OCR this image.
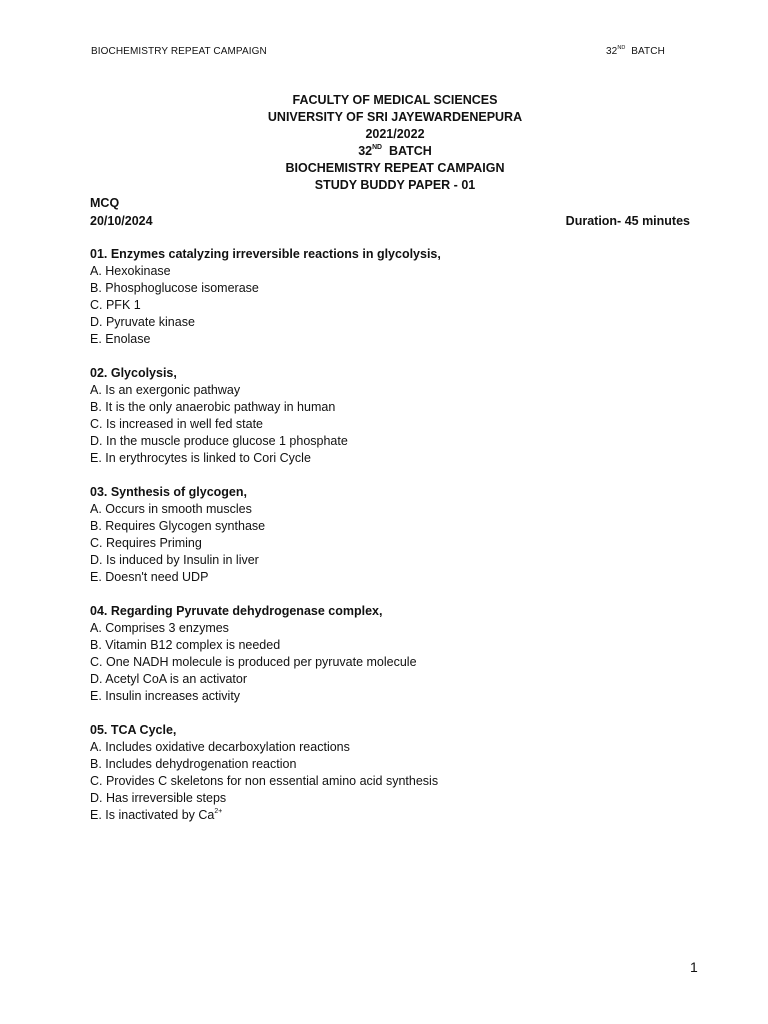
BIOCHEMISTRY REPEAT CAMPAIGN	32ND BATCH
FACULTY OF MEDICAL SCIENCES
UNIVERSITY OF SRI JAYEWARDENEPURA
2021/2022
32ND BATCH
BIOCHEMISTRY REPEAT CAMPAIGN
STUDY BUDDY PAPER - 01
MCQ
20/10/2024	Duration- 45 minutes
01. Enzymes catalyzing irreversible reactions in glycolysis,
A. Hexokinase
B. Phosphoglucose isomerase
C. PFK 1
D. Pyruvate kinase
E. Enolase
02. Glycolysis,
A. Is an exergonic pathway
B. It is the only anaerobic pathway in human
C. Is increased in well fed state
D. In the muscle produce glucose 1 phosphate
E. In erythrocytes is linked to Cori Cycle
03. Synthesis of glycogen,
A. Occurs in smooth muscles
B. Requires Glycogen synthase
C. Requires Priming
D. Is induced by Insulin in liver
E. Doesn't need UDP
04. Regarding Pyruvate dehydrogenase complex,
A. Comprises 3 enzymes
B. Vitamin B12 complex is needed
C. One NADH molecule is produced per pyruvate molecule
D. Acetyl CoA is an activator
E. Insulin increases activity
05. TCA Cycle,
A. Includes oxidative decarboxylation reactions
B. Includes dehydrogenation reaction
C. Provides C skeletons for non essential amino acid synthesis
D. Has irreversible steps
E. Is inactivated by $Ca^{2+}$
1
